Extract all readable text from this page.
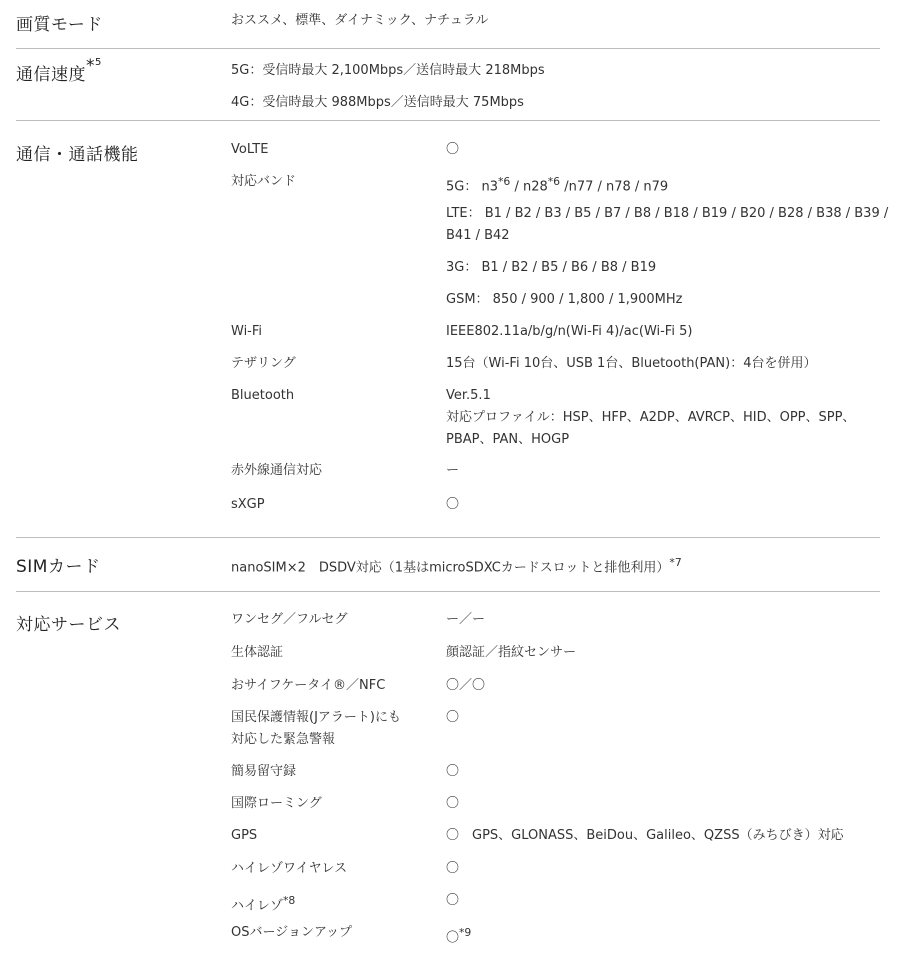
画質モード	おススメ、標準、ダイナミック、ナチュラル
通信速度*$^5$
5G：受信時最大 2,100Mbps／送信時最大 218Mbps
4G：受信時最大 988Mbps／送信時最大 75Mbps
通信・通話機能	VoLTE	〇
対応バンド	5G： n3$^{*6}$ / n28$^{*6}$ /n77 / n78 / n79
LTE： B1 / B2 / B3 / B5 / B7 / B8 / B18 / B19 / B20 / B28 / B38 / B39 /
B41 / B42
3G： B1 / B2 / B5 / B6 / B8 / B19
GSM： 850 / 900 / 1,800 / 1,900MHz
Wi-Fi	IEEE802.11a/b/g/n(Wi-Fi 4)/ac(Wi-Fi 5)
テザリング	15台（Wi-Fi 10台、USB 1台、Bluetooth(PAN)：4台を併用）
Bluetooth	Ver.5.1
対応プロファイル：HSP、HFP、A2DP、AVRCP、HID、OPP、SPP、
PBAP、PAN、HOGP
赤外線通信対応	ー
sXGP	〇
SIMカード	nanoSIM×2　DSDV対応（1基はmicroSDXCカードスロットと排他利用）$^{*7}$
対応サービス	ワンセグ／フルセグ	ー／ー
生体認証	顔認証／指紋センサー
おサイフケータイ®／NFC	〇／〇
国民保護情報(Jアラート)にも	〇
対応した緊急警報
簡易留守録	〇
国際ローミング	〇
GPS	〇　GPS、GLONASS、BeiDou、Galileo、QZSS（みちびき）対応
ハイレゾワイヤレス	〇
ハイレゾ$^{*8}$	〇
OSバージョンアップ	〇$^{*9}$
